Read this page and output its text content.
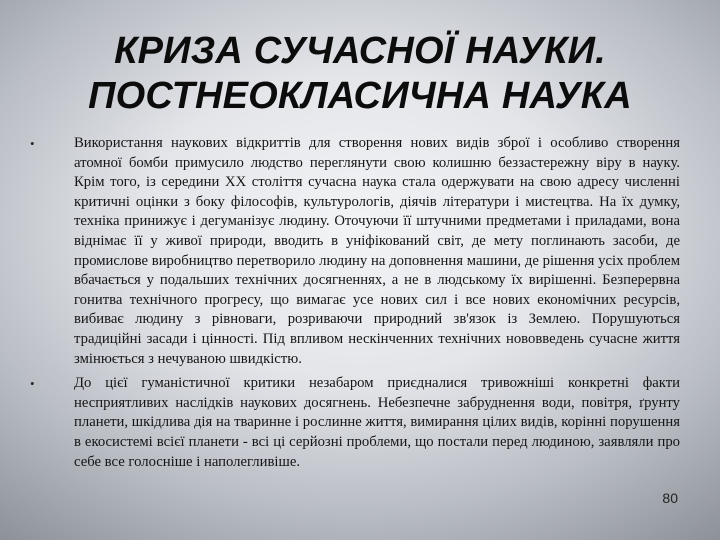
КРИЗА СУЧАСНОЇ НАУКИ.
ПОСТНЕОКЛАСИЧНА НАУКА
•	Використання наукових відкриттів для створення нових видів зброї і особливо створення атомної бомби примусило людство переглянути свою колишню беззастережну віру в науку. Крім того, із середини XX століття сучасна наука стала одержувати на свою адресу численні критичні оцінки з боку філософів, культурологів, діячів літератури і мистецтва. На їх думку, техніка принижує і дегуманізує людину. Оточуючи її штучними предметами і приладами, вона віднімає її у живої природи, вводить в уніфікований світ, де мету поглинають засоби, де промислове виробництво перетворило людину на доповнення машини, де рішення усіх проблем вбачається у подальших технічних досягненнях, а не в людському їх вирішенні. Безперервна гонитва технічного прогресу, що вимагає усе нових сил і все нових економічних ресурсів, вибиває людину з рівноваги, розриваючи природний зв'язок із Землею. Порушуються традиційні засади і цінності. Під впливом нескінченних технічних нововведень сучасне життя змінюється з нечуваною швидкістю.
•	До цієї гуманістичної критики незабаром приєдналися тривожніші конкретні факти несприятливих наслідків наукових досягнень. Небезпечне забруднення води, повітря, ґрунту планети, шкідлива дія на тваринне і рослинне життя, вимирання цілих видів, корінні порушення в екосистемі всієї планети - всі ці серйозні проблеми, що постали перед людиною, заявляли про себе все голосніше і наполегливіше.
80
